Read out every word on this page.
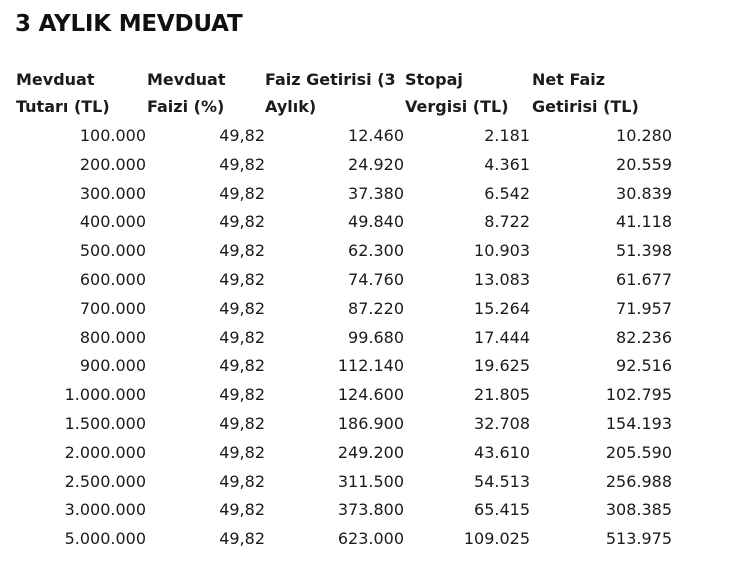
3 AYLIK MEVDUAT
Mevduat Tutarı (TL)	Mevduat Faizi (%)	Faiz Getirisi (3 Aylık)	Stopaj Vergisi (TL)	Net Faiz Getirisi (TL)
100.000	49,82	12.460	2.181	10.280
200.000	49,82	24.920	4.361	20.559
300.000	49,82	37.380	6.542	30.839
400.000	49,82	49.840	8.722	41.118
500.000	49,82	62.300	10.903	51.398
600.000	49,82	74.760	13.083	61.677
700.000	49,82	87.220	15.264	71.957
800.000	49,82	99.680	17.444	82.236
900.000	49,82	112.140	19.625	92.516
1.000.000	49,82	124.600	21.805	102.795
1.500.000	49,82	186.900	32.708	154.193
2.000.000	49,82	249.200	43.610	205.590
2.500.000	49,82	311.500	54.513	256.988
3.000.000	49,82	373.800	65.415	308.385
5.000.000	49,82	623.000	109.025	513.975
